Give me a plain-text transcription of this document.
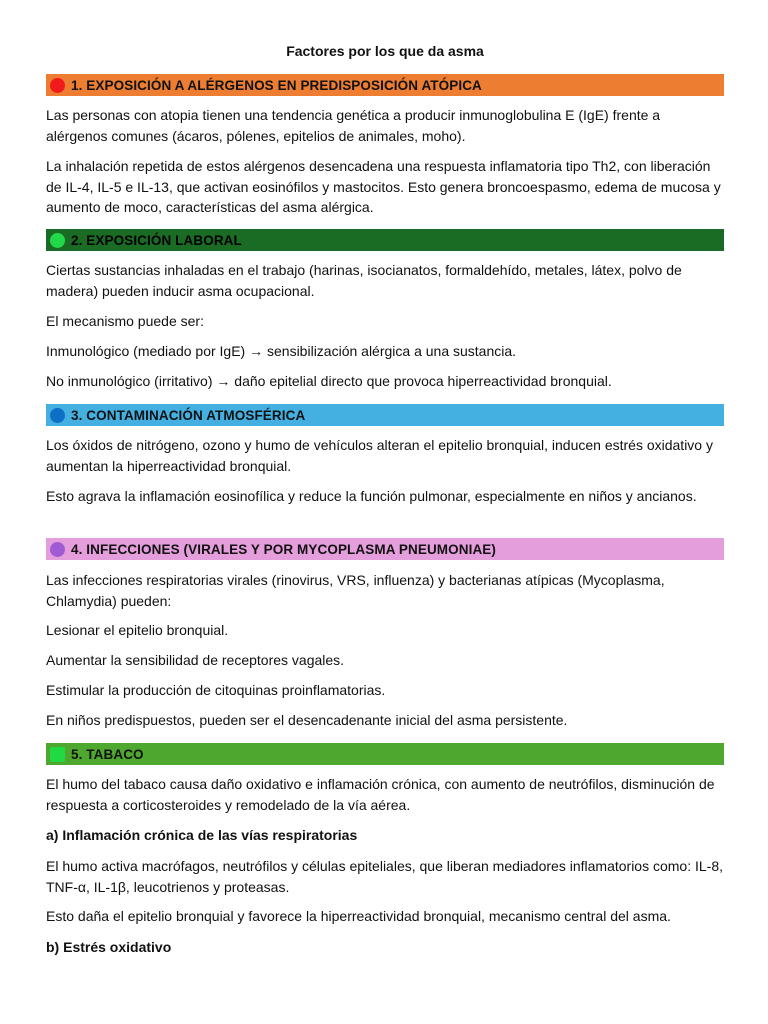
Factores por los que da asma
1. EXPOSICIÓN A ALÉRGENOS EN PREDISPOSICIÓN ATÓPICA

Las personas con atopia tienen una tendencia genética a producir inmunoglobulina E (IgE) frente a alérgenos comunes (ácaros, pólenes, epitelios de animales, moho).

La inhalación repetida de estos alérgenos desencadena una respuesta inflamatoria tipo Th2, con liberación de IL-4, IL-5 e IL-13, que activan eosinófilos y mastocitos. Esto genera broncoespasmo, edema de mucosa y aumento de moco, características del asma alérgica.

2. EXPOSICIÓN LABORAL

Ciertas sustancias inhaladas en el trabajo (harinas, isocianatos, formaldehído, metales, látex, polvo de madera) pueden inducir asma ocupacional.

El mecanismo puede ser:

Inmunológico (mediado por IgE) → sensibilización alérgica a una sustancia.

No inmunológico (irritativo) → daño epitelial directo que provoca hiperreactividad bronquial.

3. CONTAMINACIÓN ATMOSFÉRICA

Los óxidos de nitrógeno, ozono y humo de vehículos alteran el epitelio bronquial, inducen estrés oxidativo y aumentan la hiperreactividad bronquial.

Esto agrava la inflamación eosinofílica y reduce la función pulmonar, especialmente en niños y ancianos.

4. INFECCIONES (VIRALES Y POR MYCOPLASMA PNEUMONIAE)

Las infecciones respiratorias virales (rinovirus, VRS, influenza) y bacterianas atípicas (Mycoplasma, Chlamydia) pueden:

Lesionar el epitelio bronquial.

Aumentar la sensibilidad de receptores vagales.

Estimular la producción de citoquinas proinflamatorias.

En niños predispuestos, pueden ser el desencadenante inicial del asma persistente.

5. TABACO

El humo del tabaco causa daño oxidativo e inflamación crónica, con aumento de neutrófilos, disminución de respuesta a corticosteroides y remodelado de la vía aérea.

a) Inflamación crónica de las vías respiratorias

El humo activa macrófagos, neutrófilos y células epiteliales, que liberan mediadores inflamatorios como: IL-8, TNF-α, IL-1β, leucotrienos y proteasas.

Esto daña el epitelio bronquial y favorece la hiperreactividad bronquial, mecanismo central del asma.

b) Estrés oxidativo
